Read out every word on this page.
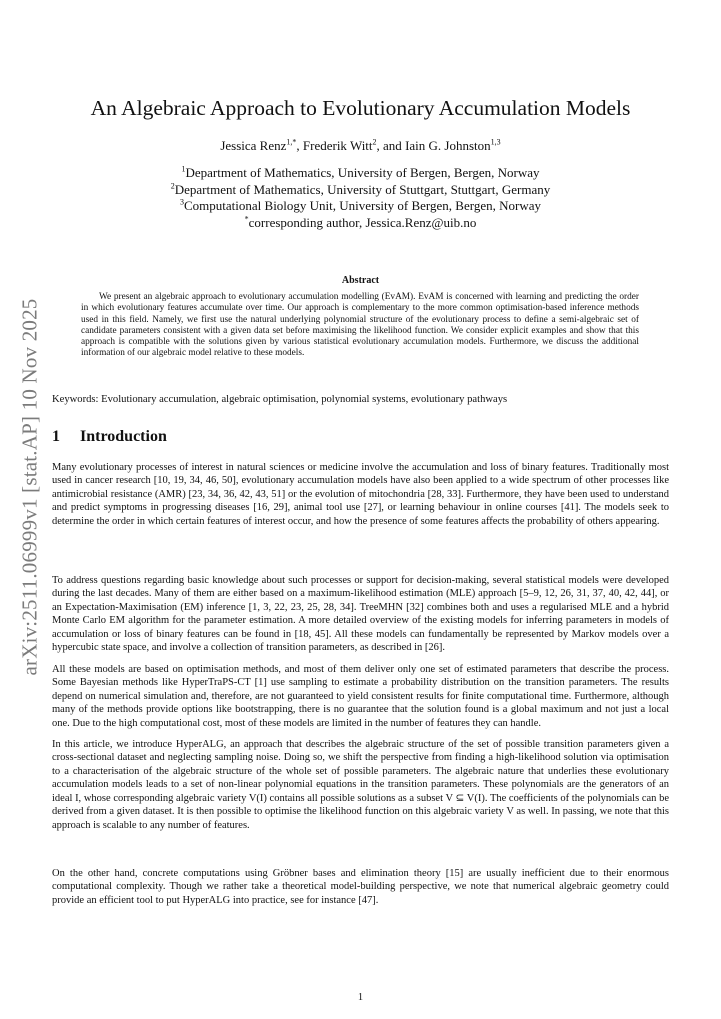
arXiv:2511.06999v1 [stat.AP] 10 Nov 2025
An Algebraic Approach to Evolutionary Accumulation Models
Jessica Renz$^{1,*}$, Frederik Witt$^2$, and Iain G. Johnston$^{1,3}$
$^1$Department of Mathematics, University of Bergen, Bergen, Norway
$^2$Department of Mathematics, University of Stuttgart, Stuttgart, Germany
$^3$Computational Biology Unit, University of Bergen, Bergen, Norway
*corresponding author, Jessica.Renz@uib.no
Abstract

We present an algebraic approach to evolutionary accumulation modelling (EvAM). EvAM is concerned with learning and predicting the order in which evolutionary features accumulate over time. Our approach is complementary to the more common optimisation-based inference methods used in this field. Namely, we first use the natural underlying polynomial structure of the evolutionary process to define a semi-algebraic set of candidate parameters consistent with a given data set before maximising the likelihood function. We consider explicit examples and show that this approach is compatible with the solutions given by various statistical evolutionary accumulation models. Furthermore, we discuss the additional information of our algebraic model relative to these models.

Keywords: Evolutionary accumulation, algebraic optimisation, polynomial systems, evolutionary pathways
1 Introduction

Many evolutionary processes of interest in natural sciences or medicine involve the accumulation and loss of binary features. Traditionally most used in cancer research [10, 19, 34, 46, 50], evolutionary accumulation models have also been applied to a wide spectrum of other processes like antimicrobial resistance (AMR) [23, 34, 36, 42, 43, 51] or the evolution of mitochondria [28, 33]. Furthermore, they have been used to understand and predict symptoms in progressing diseases [16, 29], animal tool use [27], or learning behaviour in online courses [41]. The models seek to determine the order in which certain features of interest occur, and how the presence of some features affects the probability of others appearing.

To address questions regarding basic knowledge about such processes or support for decision-making, several statistical models were developed during the last decades. Many of them are either based on a maximum-likelihood estimation (MLE) approach [5–9, 12, 26, 31, 37, 40, 42, 44], or an Expectation-Maximisation (EM) inference [1, 3, 22, 23, 25, 28, 34]. TreeMHN [32] combines both and uses a regularised MLE and a hybrid Monte Carlo EM algorithm for the parameter estimation. A more detailed overview of the existing models for inferring parameters in models of accumulation or loss of binary features can be found in [18, 45]. All these models can fundamentally be represented by Markov models over a hypercubic state space, and involve a collection of transition parameters, as described in [26].

All these models are based on optimisation methods, and most of them deliver only one set of estimated parameters that describe the process. Some Bayesian methods like HyperTraPS-CT [1] use sampling to estimate a probability distribution on the transition parameters. The results depend on numerical simulation and, therefore, are not guaranteed to yield consistent results for finite computational time. Furthermore, although many of the methods provide options like bootstrapping, there is no guarantee that the solution found is a global maximum and not just a local one. Due to the high computational cost, most of these models are limited in the number of features they can handle.

In this article, we introduce HyperALG, an approach that describes the algebraic structure of the set of possible transition parameters given a cross-sectional dataset and neglecting sampling noise. Doing so, we shift the perspective from finding a high-likelihood solution via optimisation to a characterisation of the algebraic structure of the whole set of possible parameters. The algebraic nature that underlies these evolutionary accumulation models leads to a set of non-linear polynomial equations in the transition parameters. These polynomials are the generators of an ideal I, whose corresponding algebraic variety V(I) contains all possible solutions as a subset V ⊆ V(I). The coefficients of the polynomials can be derived from a given dataset. It is then possible to optimise the likelihood function on this algebraic variety V as well. In passing, we note that this approach is scalable to any number of features.

On the other hand, concrete computations using Gröbner bases and elimination theory [15] are usually inefficient due to their enormous computational complexity. Though we rather take a theoretical model-building perspective, we note that numerical algebraic geometry could provide an efficient tool to put HyperALG into practice, see for instance [47].

1
